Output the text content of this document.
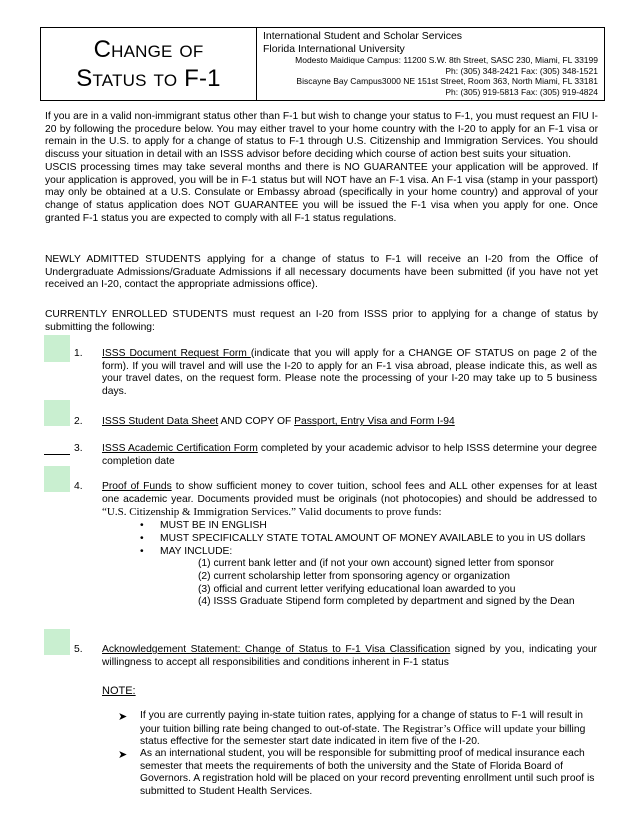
Change of
Status to F-1
International Student and Scholar Services
Florida International University
Modesto Maidique Campus: 11200 S.W. 8th Street, SASC 230, Miami, FL 33199
Ph: (305) 348-2421 Fax: (305) 348-1521
Biscayne Bay Campus3000 NE 151st Street, Room 363, North Miami, FL 33181
Ph: (305) 919-5813 Fax: (305) 919-4824

If you are in a valid non-immigrant status other than F-1 but wish to change your status to F-1, you must request an FIU I-20 by following the procedure below. You may either travel to your home country with the I-20 to apply for an F-1 visa or remain in the U.S. to apply for a change of status to F-1 through U.S. Citizenship and Immigration Services. You should discuss your situation in detail with an ISSS advisor before deciding which course of action best suits your situation.

USCIS processing times may take several months and there is NO GUARANTEE your application will be approved. If your application is approved, you will be in F-1 status but will NOT have an F-1 visa. An F-1 visa (stamp in your passport) may only be obtained at a U.S. Consulate or Embassy abroad (specifically in your home country) and approval of your change of status application does NOT GUARANTEE you will be issued the F-1 visa when you apply for one. Once granted F-1 status you are expected to comply with all F-1 status regulations.

NEWLY ADMITTED STUDENTS applying for a change of status to F-1 will receive an I-20 from the Office of Undergraduate Admissions/Graduate Admissions if all necessary documents have been submitted (if you have not yet received an I-20, contact the appropriate admissions office).
CURRENTLY ENROLLED STUDENTS must request an I-20 from ISSS prior to applying for a change of status by submitting the following:
1. ISSS Document Request Form (indicate that you will apply for a CHANGE OF STATUS on page 2 of the form). If you will travel and will use the I-20 to apply for an F-1 visa abroad, please indicate this, as well as your travel dates, on the request form. Please note the processing of your I-20 may take up to 5 business days.
2. ISSS Student Data Sheet AND COPY OF Passport, Entry Visa and Form I-94
3. ISSS Academic Certification Form completed by your academic advisor to help ISSS determine your degree completion date
4. Proof of Funds to show sufficient money to cover tuition, school fees and ALL other expenses for at least one academic year. Documents provided must be originals (not photocopies) and should be addressed to “U.S. Citizenship & Immigration Services.” Valid documents to prove funds:
• MUST BE IN ENGLISH
• MUST SPECIFICALLY STATE TOTAL AMOUNT OF MONEY AVAILABLE to you in US dollars
• MAY INCLUDE:
(1) current bank letter and (if not your own account) signed letter from sponsor
(2) current scholarship letter from sponsoring agency or organization
(3) official and current letter verifying educational loan awarded to you
(4) ISSS Graduate Stipend form completed by department and signed by the Dean
5. Acknowledgement Statement: Change of Status to F-1 Visa Classification signed by you, indicating your willingness to accept all responsibilities and conditions inherent in F-1 status
NOTE:
➤ If you are currently paying in-state tuition rates, applying for a change of status to F-1 will result in your tuition billing rate being changed to out-of-state. The Registrar’s Office will update your billing status effective for the semester start date indicated in item five of the I-20.
➤ As an international student, you will be responsible for submitting proof of medical insurance each semester that meets the requirements of both the university and the State of Florida Board of Governors. A registration hold will be placed on your record preventing enrollment until such proof is submitted to Student Health Services.
